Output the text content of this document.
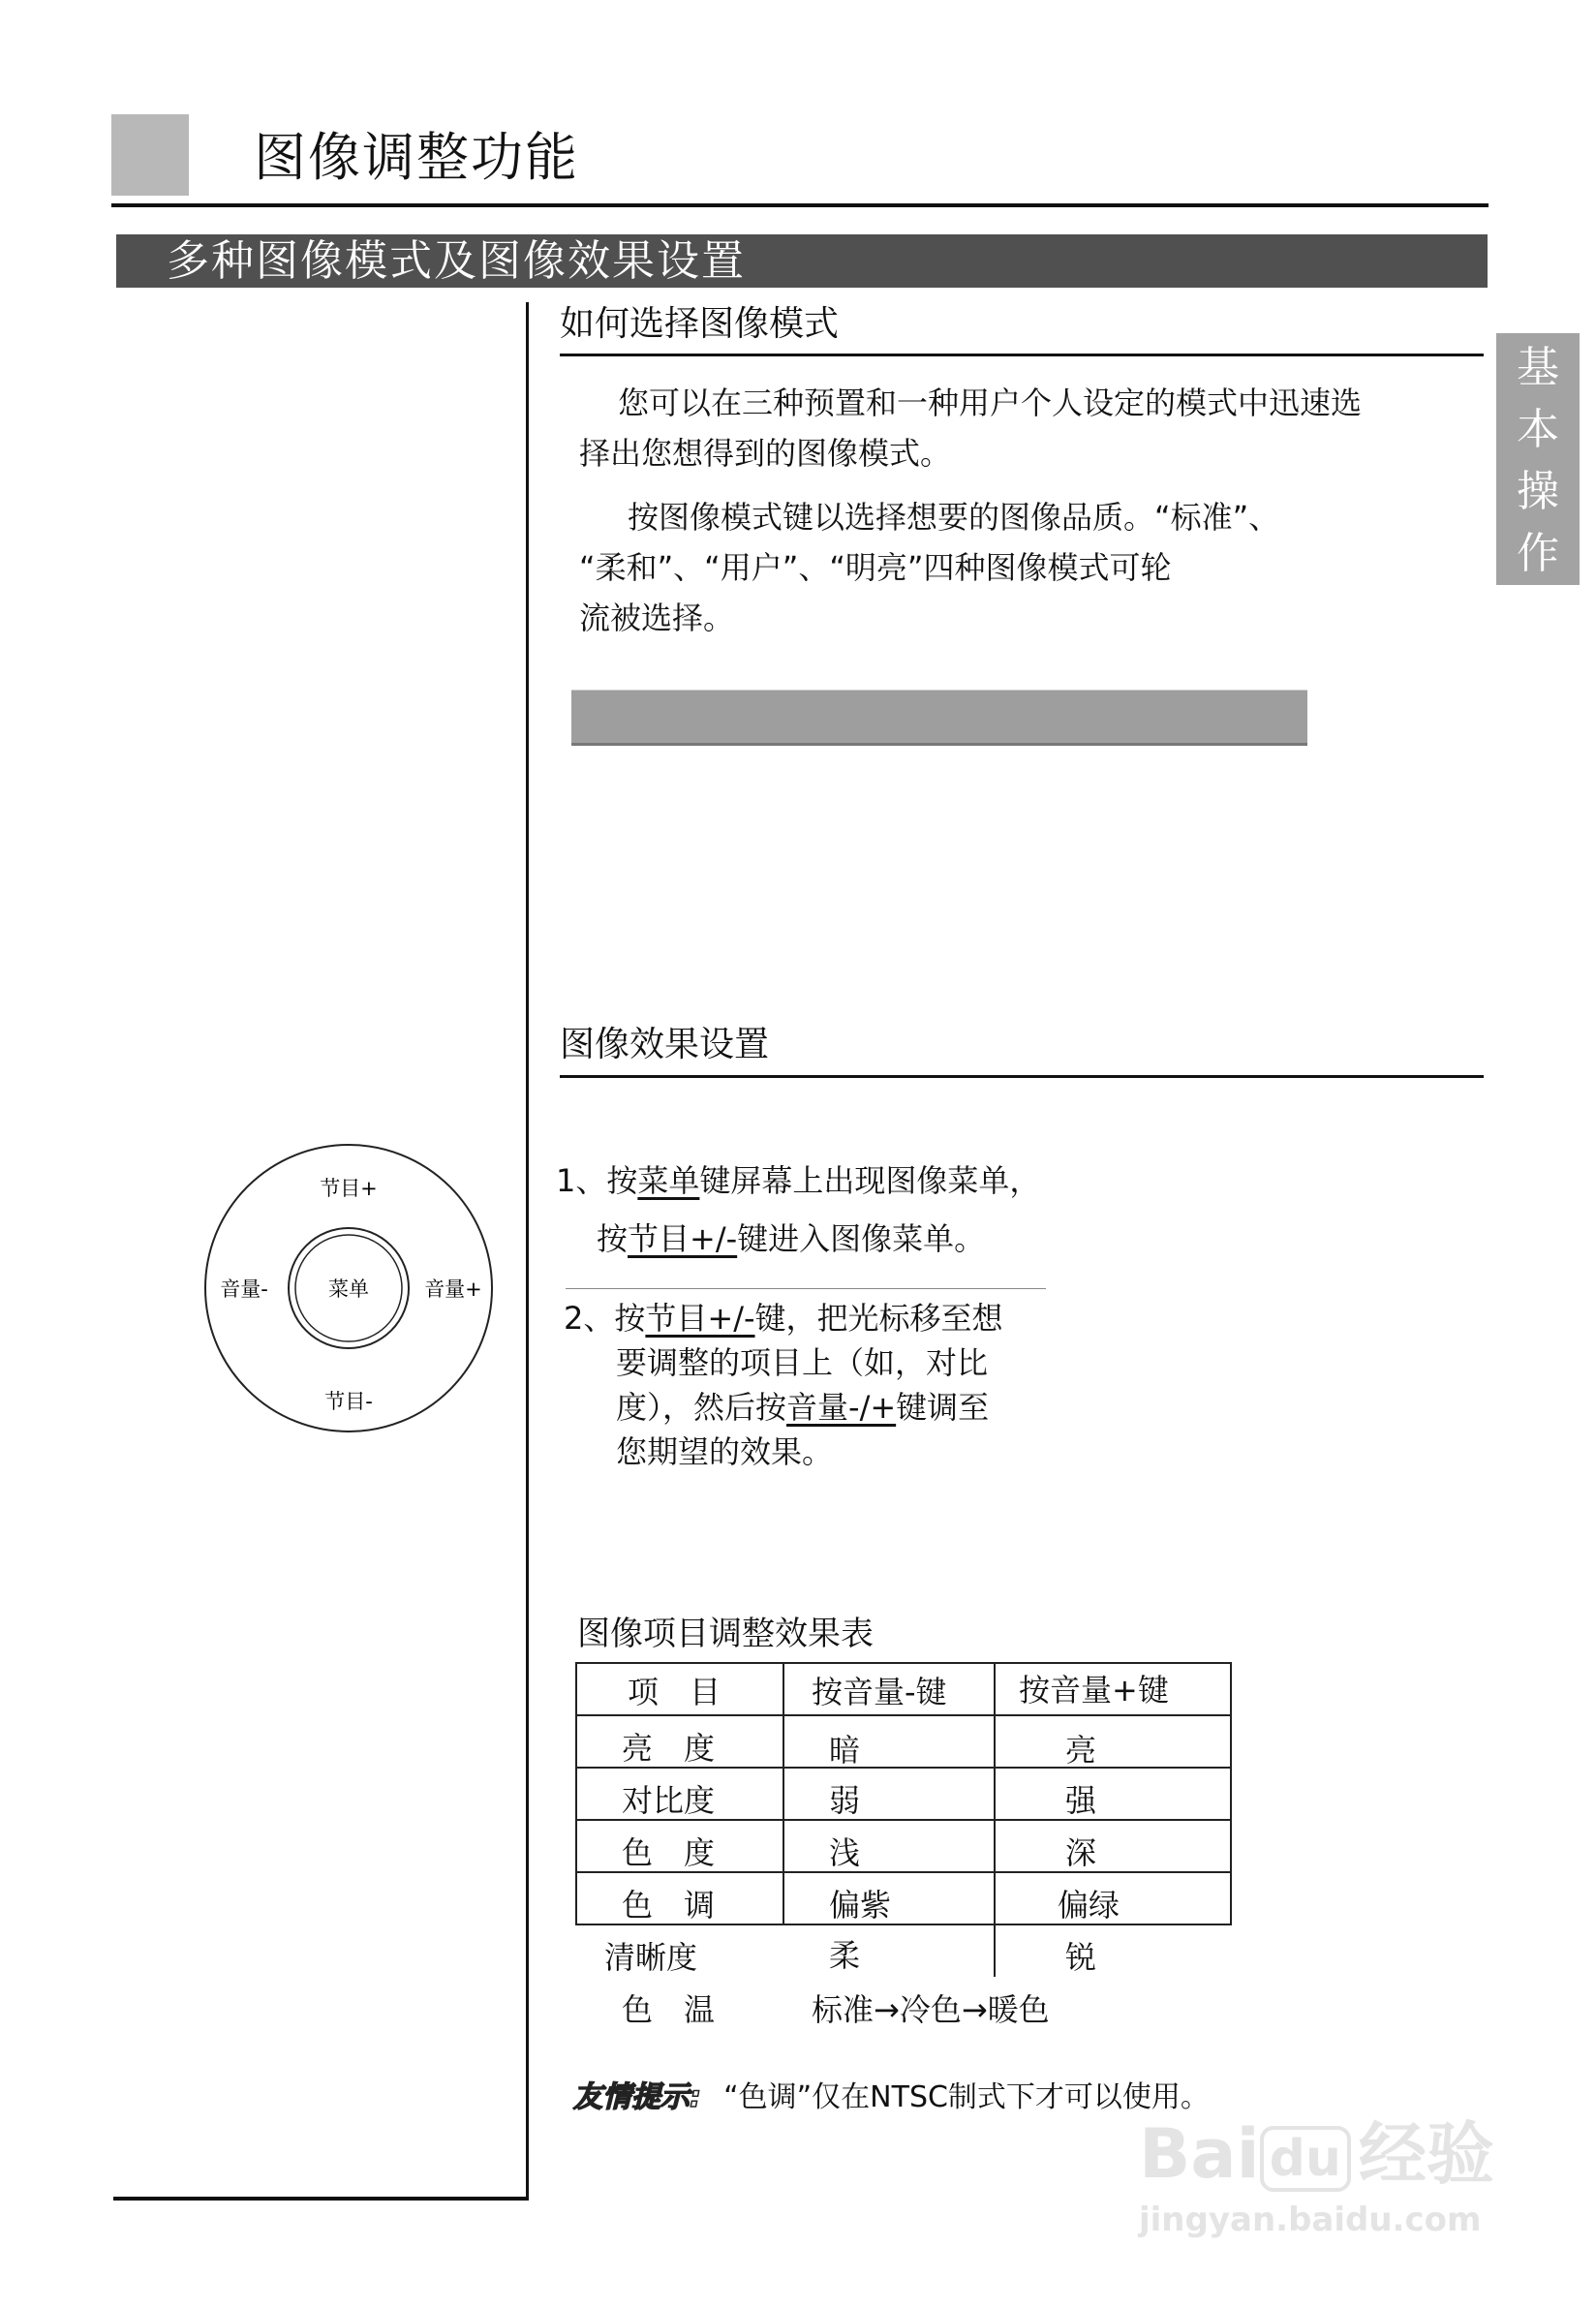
图像调整功能
多种图像模式及图像效果设置
基
本
操
作
如何选择图像模式
您可以在三种预置和一种用户个人设定的模式中迅速选
择出您想得到的图像模式。
按图像模式键以选择想要的图像品质。“标准”、
“柔和”、“用户”、“明亮”四种图像模式可轮
流被选择。
图像效果设置
1、按菜单键屏幕上出现图像菜单，
按节目+/-键进入图像菜单。
2、按节目+/-键，把光标移至想
要调整的项目上（如，对比
度），然后按音量-/+键调至
您期望的效果。
节目+
音量-	菜单	音量+
节目-
图像项目调整效果表
项　目	按音量-键 按音量+键
亮　度	暗	亮
对比度	弱	强
色　度	浅	深
色　调	偏紫	偏绿
清晰度	柔	锐
色　温	标准→冷色→暖色
友情提示: “色调”仅在NTSC制式下才可以使用。
Bai du 经验
jingyan.baidu.com
